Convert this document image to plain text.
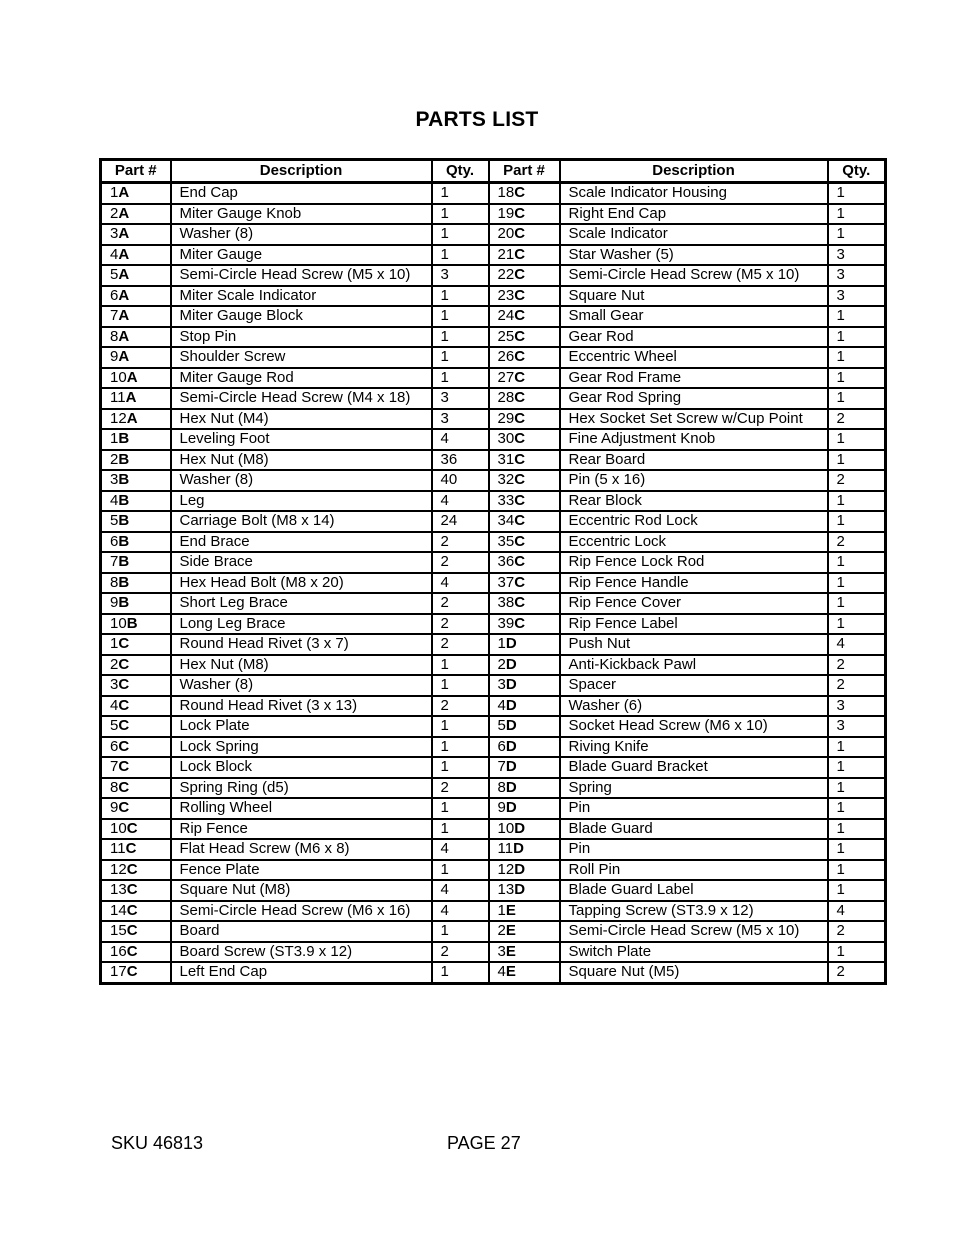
PARTS LIST
Part #	Description	Qty.	Part #	Description	Qty.
1A	End Cap	1	18C	Scale Indicator Housing	1
2A	Miter Gauge Knob	1	19C	Right End Cap	1
3A	Washer (8)	1	20C	Scale Indicator	1
4A	Miter Gauge	1	21C	Star Washer (5)	3
5A	Semi-Circle Head Screw (M5 x 10)	3	22C	Semi-Circle Head Screw (M5 x 10)	3
6A	Miter Scale Indicator	1	23C	Square Nut	3
7A	Miter Gauge Block	1	24C	Small Gear	1
8A	Stop Pin	1	25C	Gear Rod	1
9A	Shoulder Screw	1	26C	Eccentric Wheel	1
10A	Miter Gauge Rod	1	27C	Gear Rod Frame	1
11A	Semi-Circle Head Screw (M4 x 18)	3	28C	Gear Rod Spring	1
12A	Hex Nut (M4)	3	29C	Hex Socket Set Screw w/Cup Point	2
1B	Leveling Foot	4	30C	Fine Adjustment Knob	1
2B	Hex Nut (M8)	36	31C	Rear Board	1
3B	Washer (8)	40	32C	Pin (5 x 16)	2
4B	Leg	4	33C	Rear Block	1
5B	Carriage Bolt (M8 x 14)	24	34C	Eccentric Rod Lock	1
6B	End Brace	2	35C	Eccentric Lock	2
7B	Side Brace	2	36C	Rip Fence Lock Rod	1
8B	Hex Head Bolt (M8 x 20)	4	37C	Rip Fence Handle	1
9B	Short Leg Brace	2	38C	Rip Fence Cover	1
10B	Long Leg Brace	2	39C	Rip Fence Label	1
1C	Round Head Rivet (3 x 7)	2	1D	Push Nut	4
2C	Hex Nut (M8)	1	2D	Anti-Kickback Pawl	2
3C	Washer (8)	1	3D	Spacer	2
4C	Round Head Rivet (3 x 13)	2	4D	Washer (6)	3
5C	Lock Plate	1	5D	Socket Head Screw (M6 x 10)	3
6C	Lock Spring	1	6D	Riving Knife	1
7C	Lock Block	1	7D	Blade Guard Bracket	1
8C	Spring Ring (d5)	2	8D	Spring	1
9C	Rolling Wheel	1	9D	Pin	1
10C	Rip Fence	1	10D	Blade Guard	1
11C	Flat Head Screw (M6 x 8)	4	11D	Pin	1
12C	Fence Plate	1	12D	Roll Pin	1
13C	Square Nut (M8)	4	13D	Blade Guard Label	1
14C	Semi-Circle Head Screw (M6 x 16)	4	1E	Tapping Screw (ST3.9 x 12)	4
15C	Board	1	2E	Semi-Circle Head Screw (M5 x 10)	2
16C	Board Screw (ST3.9 x 12)	2	3E	Switch Plate	1
17C	Left End Cap	1	4E	Square Nut (M5)	2
SKU 46813	PAGE 27
